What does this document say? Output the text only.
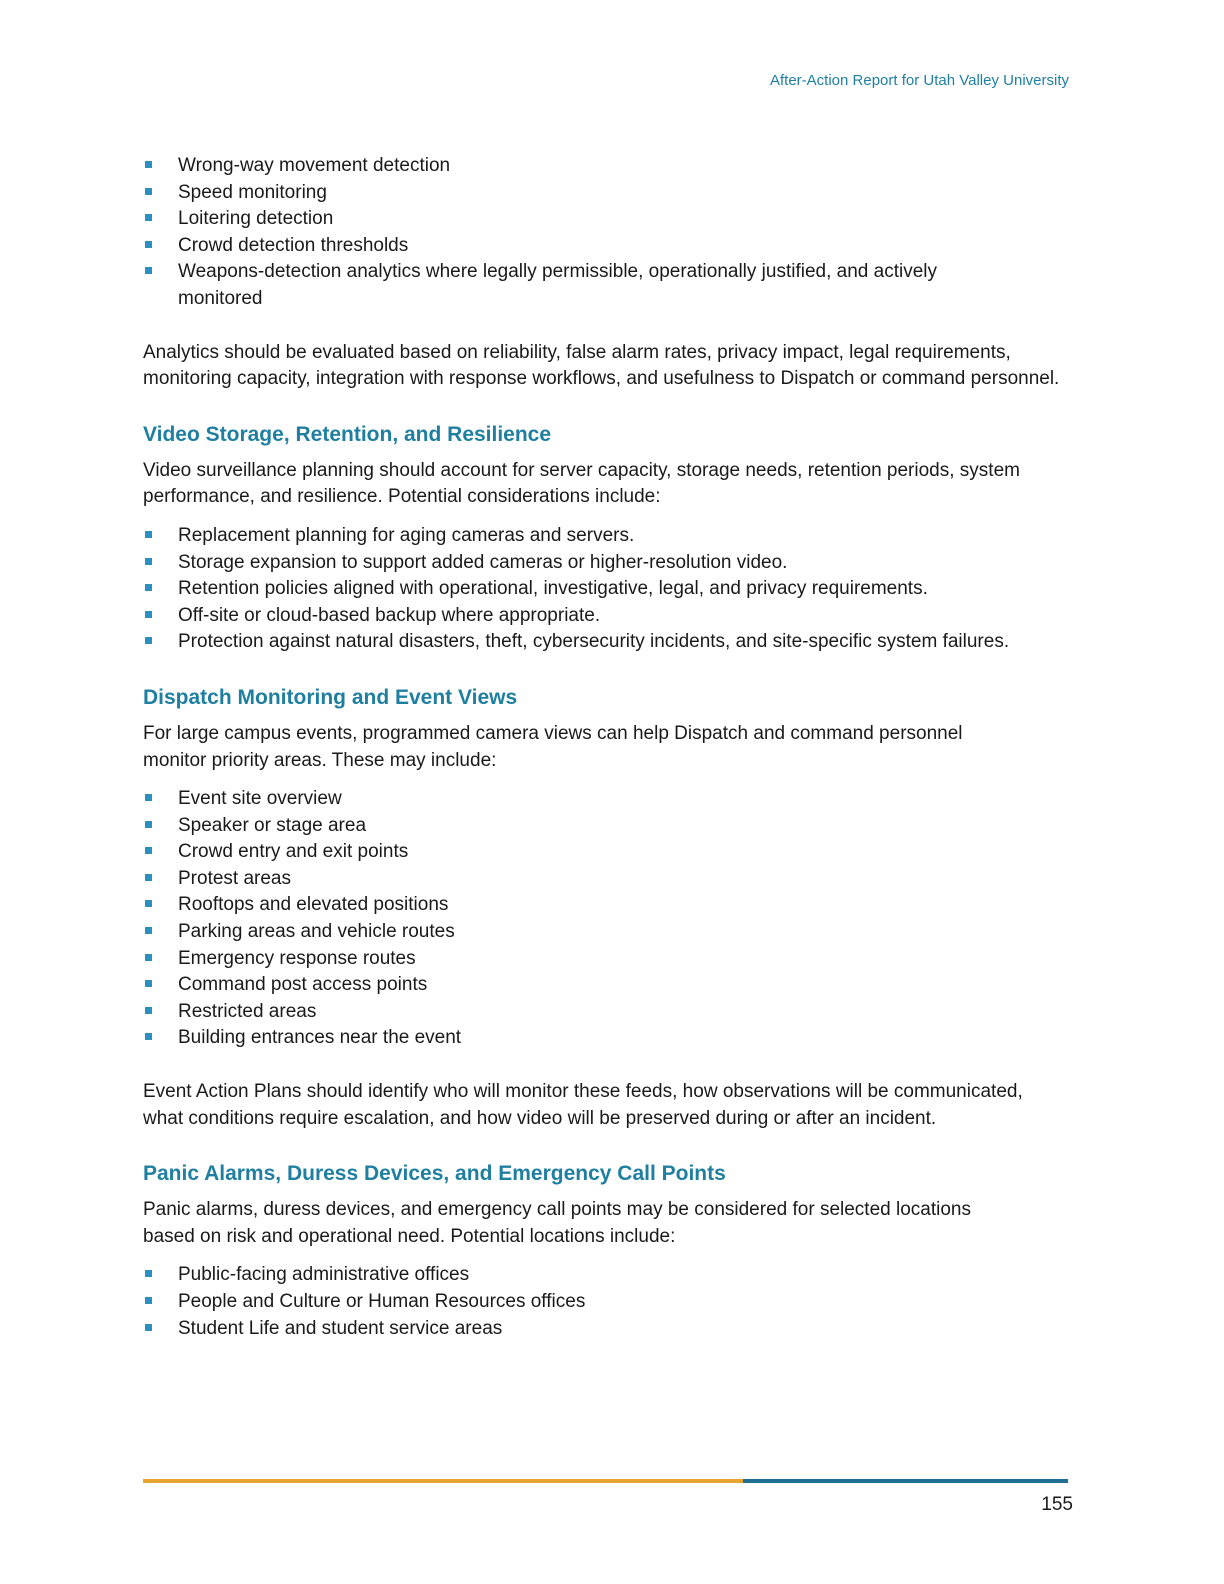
After-Action Report for Utah Valley University
Wrong-way movement detection
Speed monitoring
Loitering detection
Crowd detection thresholds
Weapons-detection analytics where legally permissible, operationally justified, and actively monitored

Analytics should be evaluated based on reliability, false alarm rates, privacy impact, legal requirements, monitoring capacity, integration with response workflows, and usefulness to Dispatch or command personnel.

Video Storage, Retention, and Resilience

Video surveillance planning should account for server capacity, storage needs, retention periods, system performance, and resilience. Potential considerations include:

Replacement planning for aging cameras and servers.
Storage expansion to support added cameras or higher-resolution video.
Retention policies aligned with operational, investigative, legal, and privacy requirements.
Off-site or cloud-based backup where appropriate.
Protection against natural disasters, theft, cybersecurity incidents, and site-specific system failures.
Dispatch Monitoring and Event Views

For large campus events, programmed camera views can help Dispatch and command personnel monitor priority areas. These may include:

Event site overview
Speaker or stage area
Crowd entry and exit points
Protest areas
Rooftops and elevated positions
Parking areas and vehicle routes
Emergency response routes
Command post access points
Restricted areas
Building entrances near the event

Event Action Plans should identify who will monitor these feeds, how observations will be communicated, what conditions require escalation, and how video will be preserved during or after an incident.

Panic Alarms, Duress Devices, and Emergency Call Points

Panic alarms, duress devices, and emergency call points may be considered for selected locations based on risk and operational need. Potential locations include:

Public-facing administrative offices
People and Culture or Human Resources offices
Student Life and student service areas
155
